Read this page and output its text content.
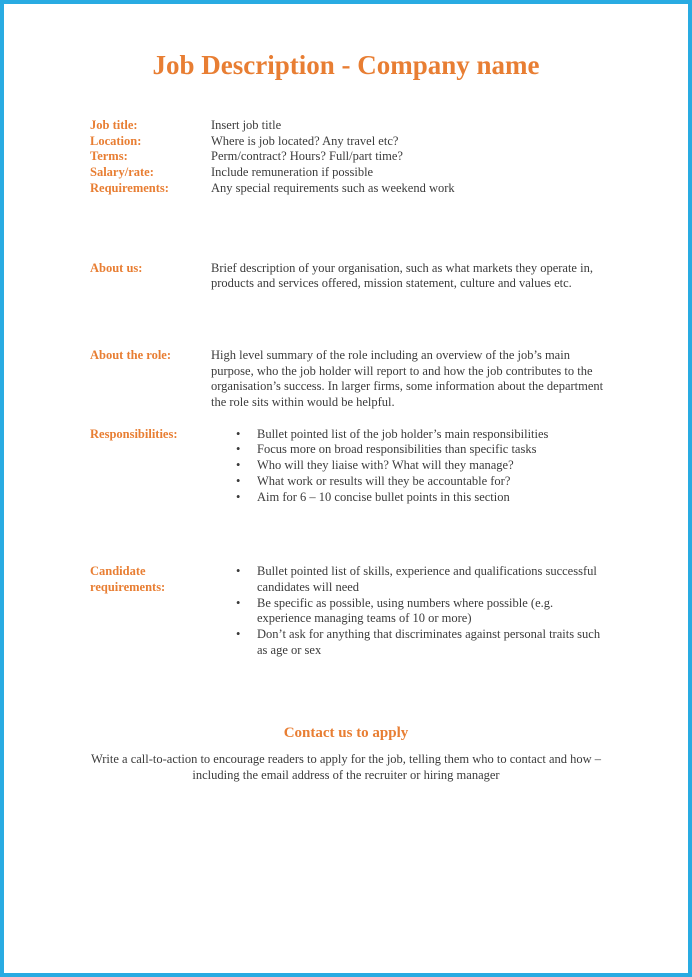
Job Description - Company name
Job title:	Insert job title
Location:	Where is job located? Any travel etc?
Terms:	Perm/contract? Hours? Full/part time?
Salary/rate:	Include remuneration if possible
Requirements:	Any special requirements such as weekend work
About us:	Brief description of your organisation, such as what markets they operate in, products and services offered, mission statement, culture and values etc.

About the role:	High level summary of the role including an overview of the job’s main purpose, who the job holder will report to and how the job contributes to the organisation’s success. In larger firms, some information about the department the role sits within would be helpful.

Responsibilities:	• Bullet pointed list of the job holder’s main responsibilities
• Focus more on broad responsibilities than specific tasks
• Who will they liaise with? What will they manage?
• What work or results will they be accountable for?
• Aim for 6 – 10 concise bullet points in this section
Candidate requirements:
• Bullet pointed list of skills, experience and qualifications successful candidates will need
• Be specific as possible, using numbers where possible (e.g. experience managing teams of 10 or more)
• Don’t ask for anything that discriminates against personal traits such as age or sex
Contact us to apply

Write a call-to-action to encourage readers to apply for the job, telling them who to contact and how – including the email address of the recruiter or hiring manager
